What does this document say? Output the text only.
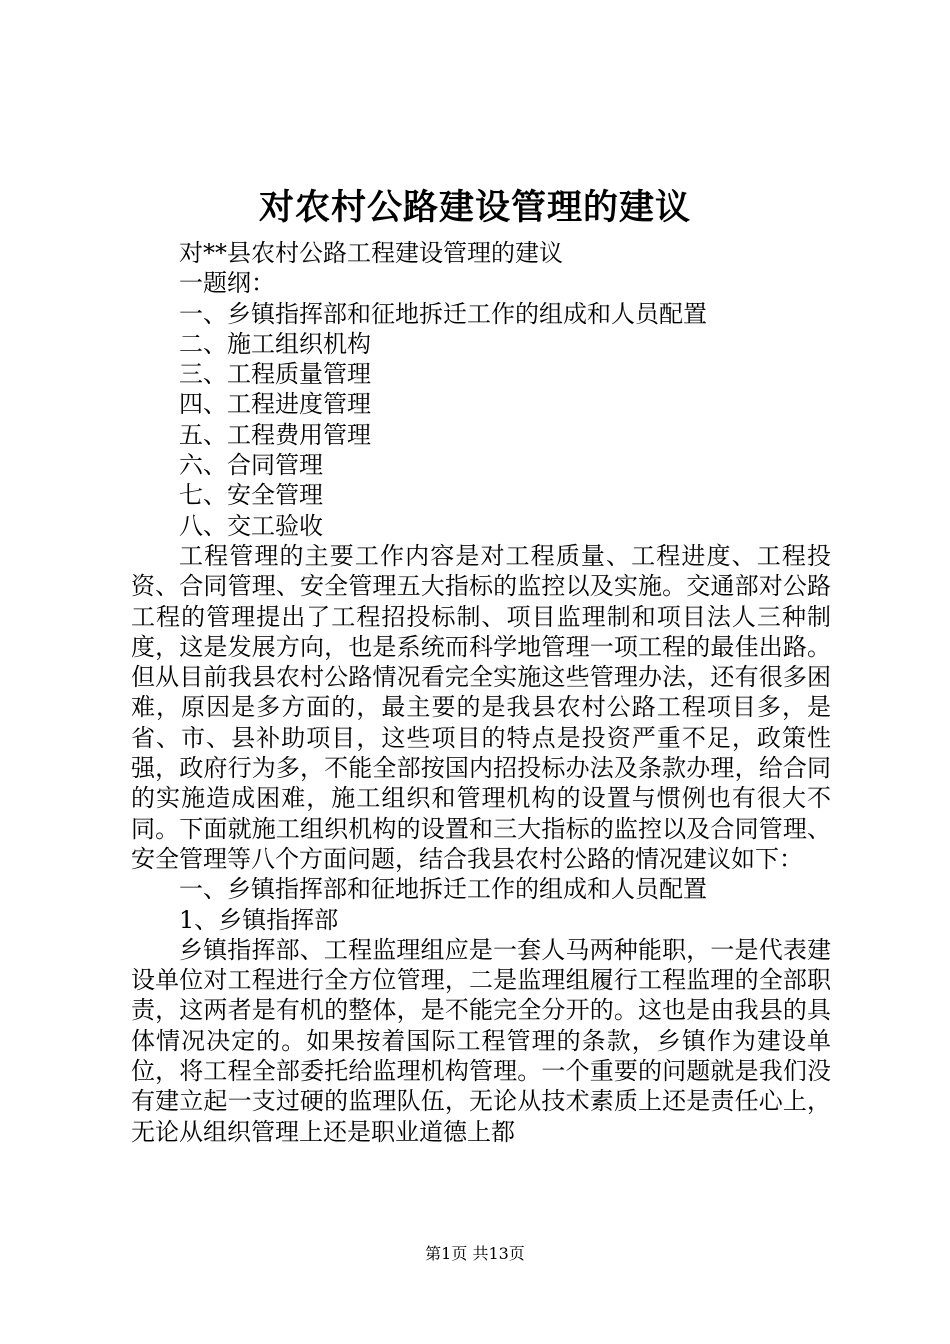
对农村公路建设管理的建议

对**县农村公路工程建设管理的建议

一题纲：

一、乡镇指挥部和征地拆迁工作的组成和人员配置

二、施工组织机构

三、工程质量管理

四、工程进度管理

五、工程费用管理

六、合同管理

七、安全管理

八、交工验收

工程管理的主要工作内容是对工程质量、工程进度、工程投资、合同管理、安全管理五大指标的监控以及实施。交通部对公路工程的管理提出了工程招投标制、项目监理制和项目法人三种制度，这是发展方向，也是系统而科学地管理一项工程的最佳出路。但从目前我县农村公路情况看完全实施这些管理办法，还有很多困难，原因是多方面的，最主要的是我县农村公路工程项目多，是省、市、县补助项目，这些项目的特点是投资严重不足，政策性强，政府行为多，不能全部按国内招投标办法及条款办理，给合同的实施造成困难，施工组织和管理机构的设置与惯例也有很大不同。下面就施工组织机构的设置和三大指标的监控以及合同管理、安全管理等八个方面问题，结合我县农村公路的情况建议如下：

一、乡镇指挥部和征地拆迁工作的组成和人员配置

1、乡镇指挥部

乡镇指挥部、工程监理组应是一套人马两种能职，一是代表建设单位对工程进行全方位管理，二是监理组履行工程监理的全部职责，这两者是有机的整体，是不能完全分开的。这也是由我县的具体情况决定的。如果按着国际工程管理的条款，乡镇作为建设单位，将工程全部委托给监理机构管理。一个重要的问题就是我们没有建立起一支过硬的监理队伍，无论从技术素质上还是责任心上，无论从组织管理上还是职业道德上都

第1页 共13页
